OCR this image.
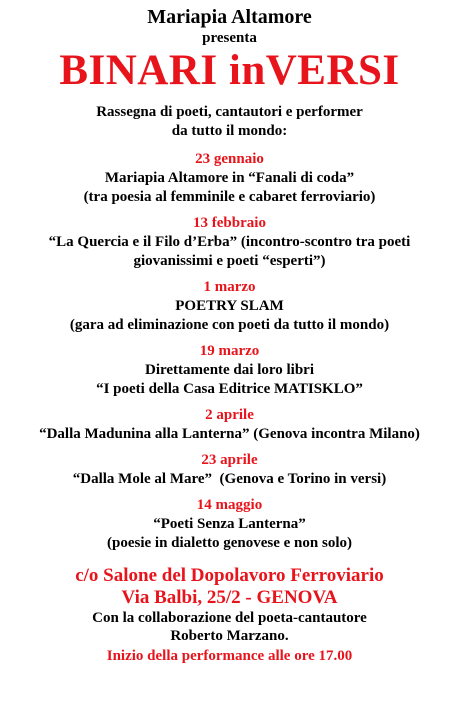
Mariapia Altamore
presenta
BINARI inVERSI
Rassegna di poeti, cantautori e performer
da tutto il mondo:
23 gennaio
Mariapia Altamore in “Fanali di coda”
(tra poesia al femminile e cabaret ferroviario)
13 febbraio
“La Quercia e il Filo d’Erba” (incontro-scontro tra poeti
giovanissimi e poeti “esperti”)
1 marzo
POETRY SLAM
(gara ad eliminazione con poeti da tutto il mondo)
19 marzo
Direttamente dai loro libri
“I poeti della Casa Editrice MATISKLO”
2 aprile
“Dalla Madunina alla Lanterna” (Genova incontra Milano)
23 aprile
“Dalla Mole al Mare”  (Genova e Torino in versi)
14 maggio
“Poeti Senza Lanterna”
(poesie in dialetto genovese e non solo)
c/o Salone del Dopolavoro Ferroviario
Via Balbi, 25/2 - GENOVA
Con la collaborazione del poeta-cantautore
Roberto Marzano.
Inizio della performance alle ore 17.00
